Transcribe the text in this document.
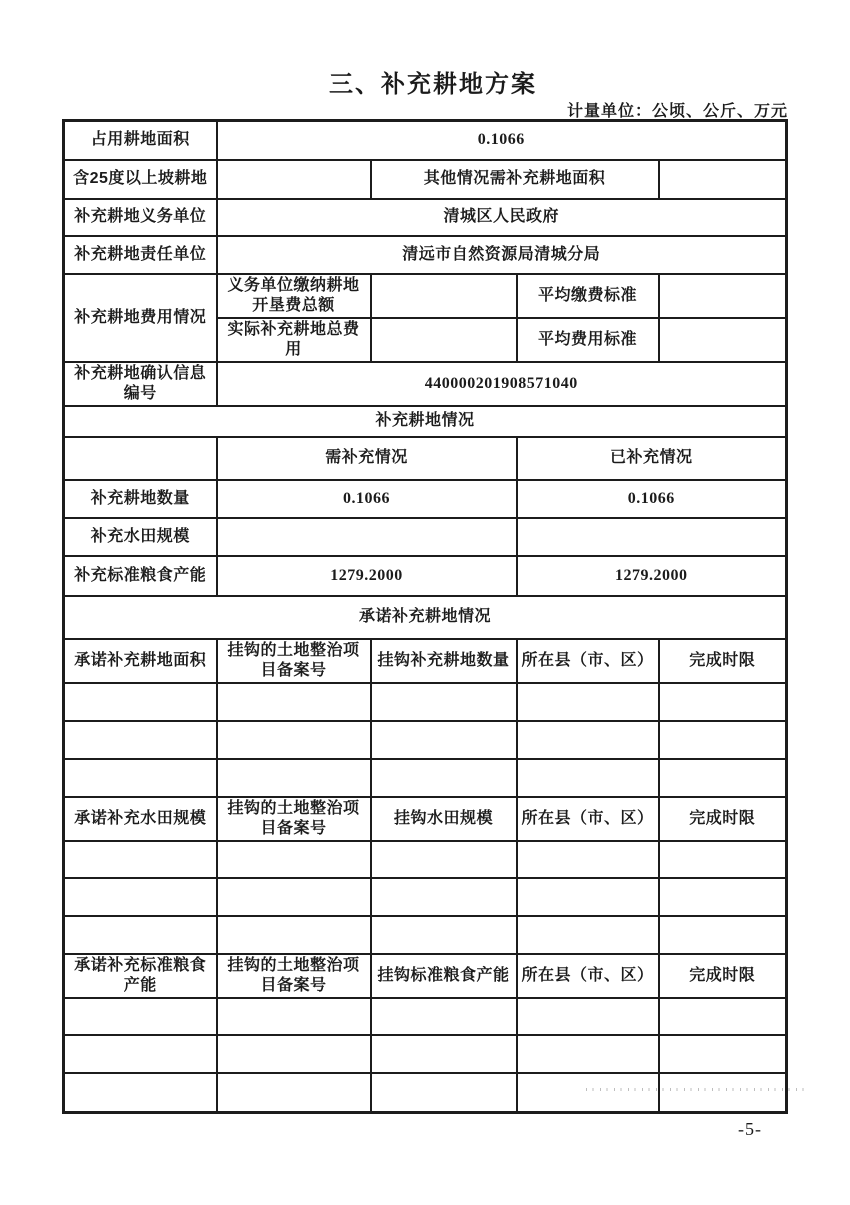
三、补充耕地方案
计量单位：公顷、公斤、万元
占用耕地面积	0.1066			
含25度以上坡耕地		其他情况需补充耕地面积		
补充耕地义务单位	清城区人民政府			
补充耕地责任单位	清远市自然资源局清城分局			
补充耕地费用情况	义务单位缴纳耕地开垦费总额		平均缴费标准	
	实际补充耕地总费用		平均费用标准	
补充耕地确认信息编号	440000201908571040			
补充耕地情况				
	需补充情况		已补充情况	
补充耕地数量	0.1066		0.1066	
补充水田规模				
补充标准粮食产能	1279.2000		1279.2000	
承诺补充耕地情况				
承诺补充耕地面积	挂钩的土地整治项目备案号	挂钩补充耕地数量	所在县（市、区）	完成时限

承诺补充水田规模	挂钩的土地整治项目备案号	挂钩水田规模	所在县（市、区）	完成时限

承诺补充标准粮食产能	挂钩的土地整治项目备案号	挂钩标准粮食产能	所在县（市、区）	完成时限

-5-
